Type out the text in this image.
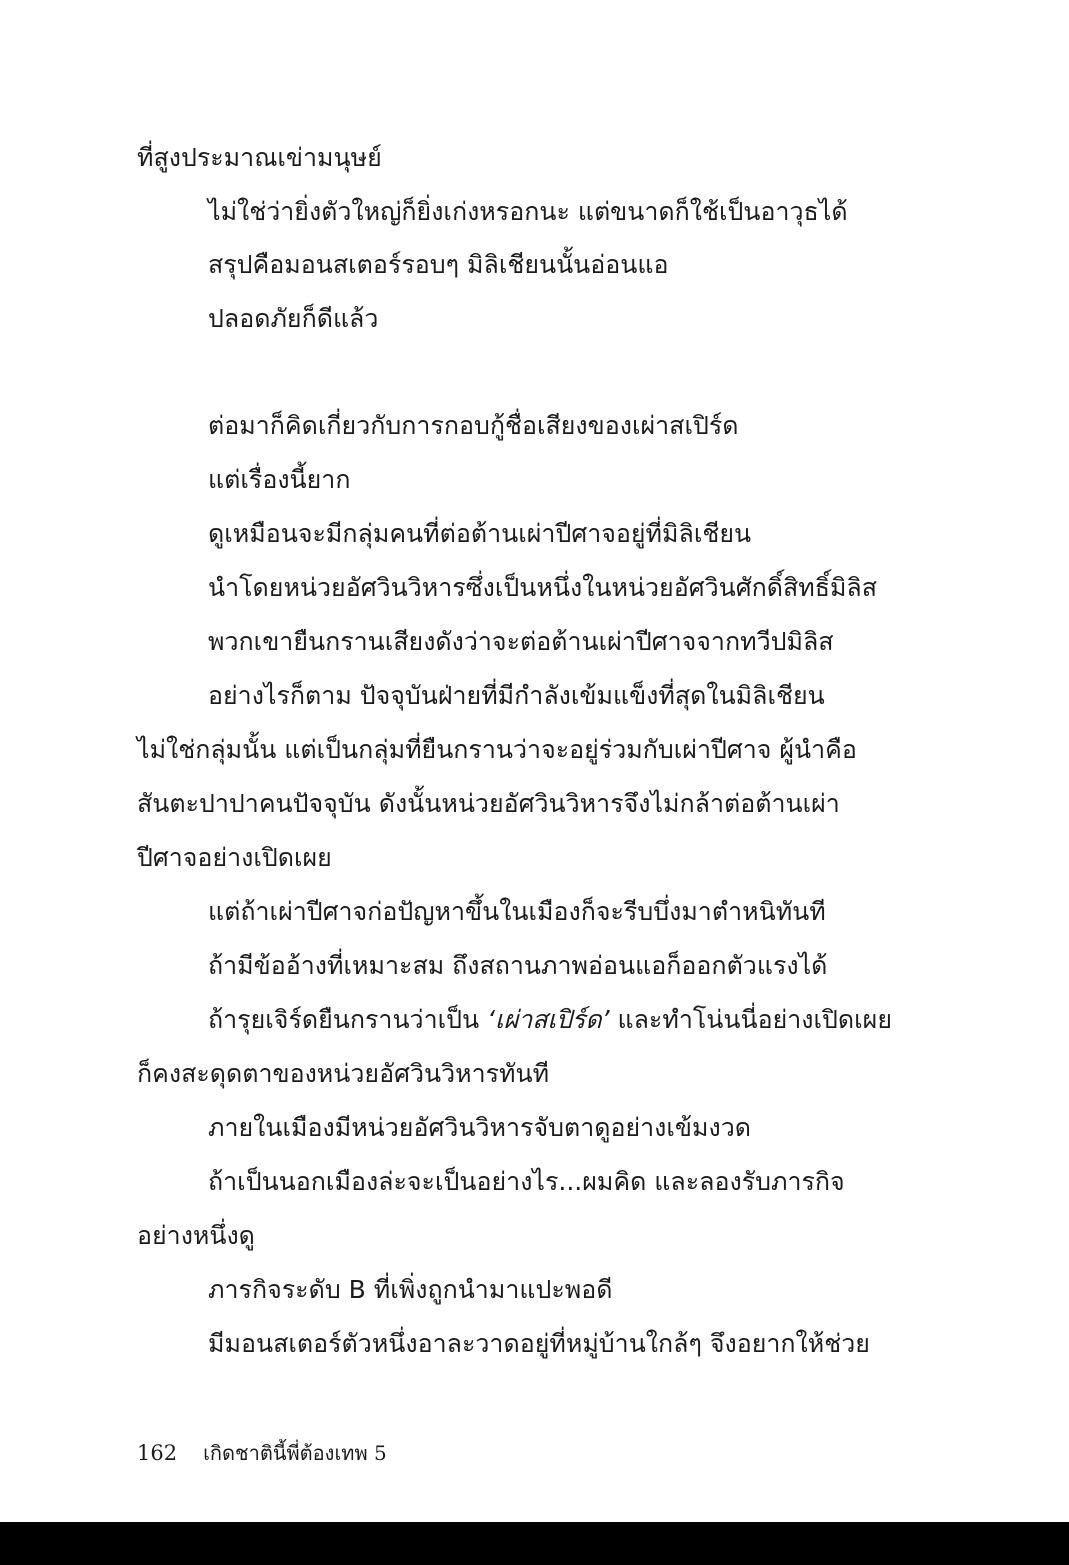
ที่สูงประมาณเข่ามนุษย์
ไม่ใช่ว่ายิ่งตัวใหญ่ก็ยิ่งเก่งหรอกนะ แต่ขนาดก็ใช้เป็นอาวุธได้
สรุปคือมอนสเตอร์รอบๆ มิลิเชียนนั้นอ่อนแอ
ปลอดภัยก็ดีแล้ว
ต่อมาก็คิดเกี่ยวกับการกอบกู้ชื่อเสียงของเผ่าสเปิร์ด
แต่เรื่องนี้ยาก
ดูเหมือนจะมีกลุ่มคนที่ต่อต้านเผ่าปีศาจอยู่ที่มิลิเชียน
นำโดยหน่วยอัศวินวิหารซึ่งเป็นหนึ่งในหน่วยอัศวินศักดิ์สิทธิ์มิลิส
พวกเขายืนกรานเสียงดังว่าจะต่อต้านเผ่าปีศาจจากทวีปมิลิส
อย่างไรก็ตาม ปัจจุบันฝ่ายที่มีกำลังเข้มแข็งที่สุดในมิลิเชียน
ไม่ใช่กลุ่มนั้น แต่เป็นกลุ่มที่ยืนกรานว่าจะอยู่ร่วมกับเผ่าปีศาจ ผู้นำคือ
สันตะปาปาคนปัจจุบัน ดังนั้นหน่วยอัศวินวิหารจึงไม่กล้าต่อต้านเผ่า
ปีศาจอย่างเปิดเผย
แต่ถ้าเผ่าปีศาจก่อปัญหาขึ้นในเมืองก็จะรีบบึ่งมาตำหนิทันที
ถ้ามีข้ออ้างที่เหมาะสม ถึงสถานภาพอ่อนแอก็ออกตัวแรงได้
ถ้ารุยเจิร์ดยืนกรานว่าเป็น ‘เผ่าสเปิร์ด’ และทำโน่นนี่อย่างเปิดเผย
ก็คงสะดุดตาของหน่วยอัศวินวิหารทันที
ภายในเมืองมีหน่วยอัศวินวิหารจับตาดูอย่างเข้มงวด
ถ้าเป็นนอกเมืองล่ะจะเป็นอย่างไร...ผมคิด และลองรับภารกิจ
อย่างหนึ่งดู
ภารกิจระดับ B ที่เพิ่งถูกนำมาแปะพอดี
มีมอนสเตอร์ตัวหนึ่งอาละวาดอยู่ที่หมู่บ้านใกล้ๆ จึงอยากให้ช่วย
162 เกิดชาตินี้พี่ต้องเทพ 5
